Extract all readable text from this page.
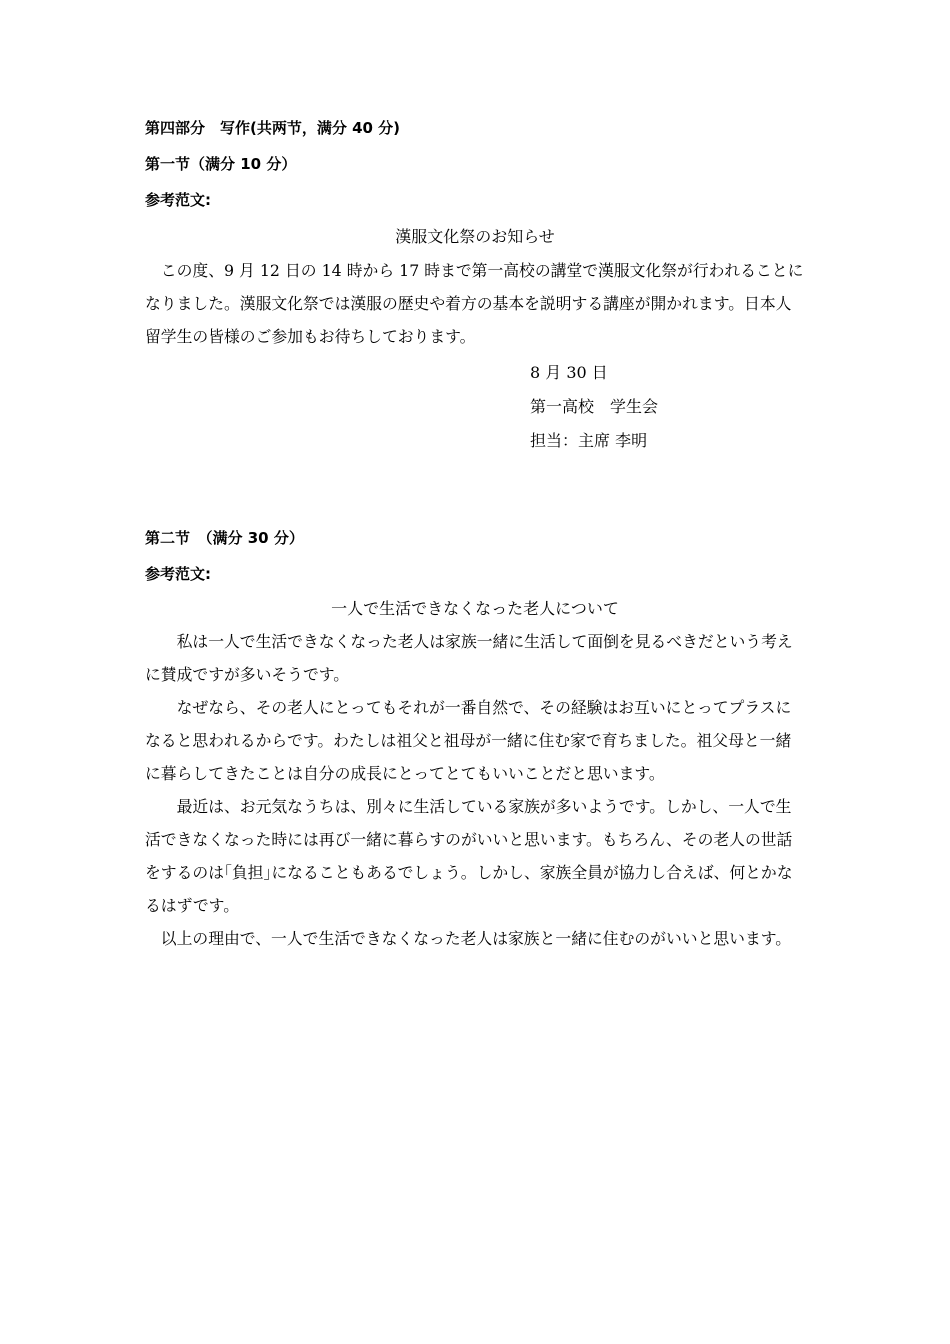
第四部分　写作(共两节，满分 40 分)
第一节（满分 10 分）
参考范文:
漢服文化祭のお知らせ

この度、9 月 12 日の 14 時から 17 時まで第一高校の講堂で漢服文化祭が行われることになりました。漢服文化祭では漢服の歴史や着方の基本を説明する講座が開かれます。日本人留学生の皆様のご参加もお待ちしております。

8 月 30 日
第一高校　学生会
担当：主席 李明
第二节　（满分 30 分）
参考范文:
一人で生活できなくなった老人について

私は一人で生活できなくなった老人は家族一緒に生活して面倒を見るべきだという考えに賛成ですが多いそうです。

なぜなら、その老人にとってもそれが一番自然で、その経験はお互いにとってプラスになると思われるからです。わたしは祖父と祖母が一緒に住む家で育ちました。祖父母と一緒に暮らしてきたことは自分の成長にとってとてもいいことだと思います。

最近は、お元気なうちは、別々に生活している家族が多いようです。しかし、一人で生活できなくなった時には再び一緒に暮らすのがいいと思います。もちろん、その老人の世話をするのは｢負担｣になることもあるでしょう。しかし、家族全員が協力し合えば、何とかなるはずです。

以上の理由で、一人で生活できなくなった老人は家族と一緒に住むのがいいと思います。
